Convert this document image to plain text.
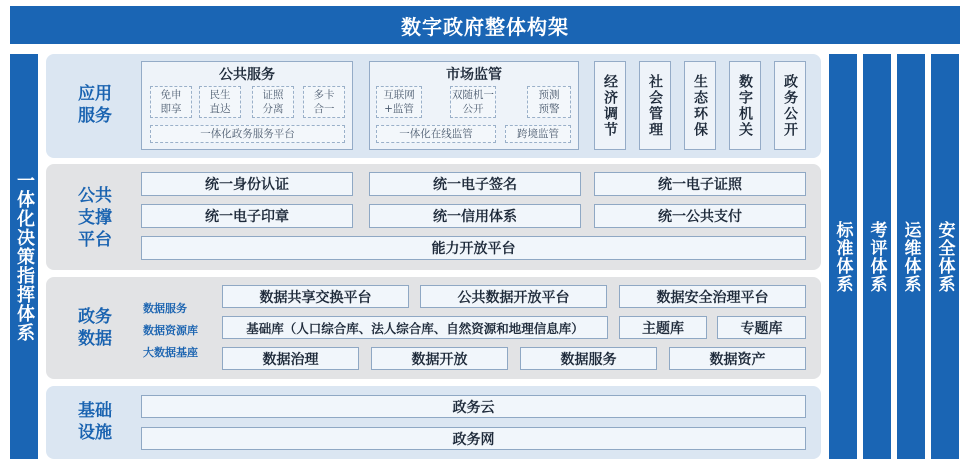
数字政府整体构架
一体化决策指挥体系	标准体系 考评体系 运维体系 安全体系
应用服务
公共服务
免申即享
民生直达
证照分离
多卡合一
一体化政务服务平台
市场监管
互联网+监管
双随机一公开
预测预警
一体化在线监管	跨境监管	经济调节	社会管理	生态环保	数字机关	政务公开
公共支撑平台
统一身份认证	统一电子签名	统一电子证照
统一电子印章	统一信用体系	统一公共支付
能力开放平台
政务数据
数据服务
数据资源库
大数据基座
数据共享交换平台	公共数据开放平台	数据安全治理平台
基础库（人口综合库、法人综合库、自然资源和地理信息库）	主题库	专题库
数据治理	数据开放	数据服务	数据资产
基础设施
政务云
政务网
